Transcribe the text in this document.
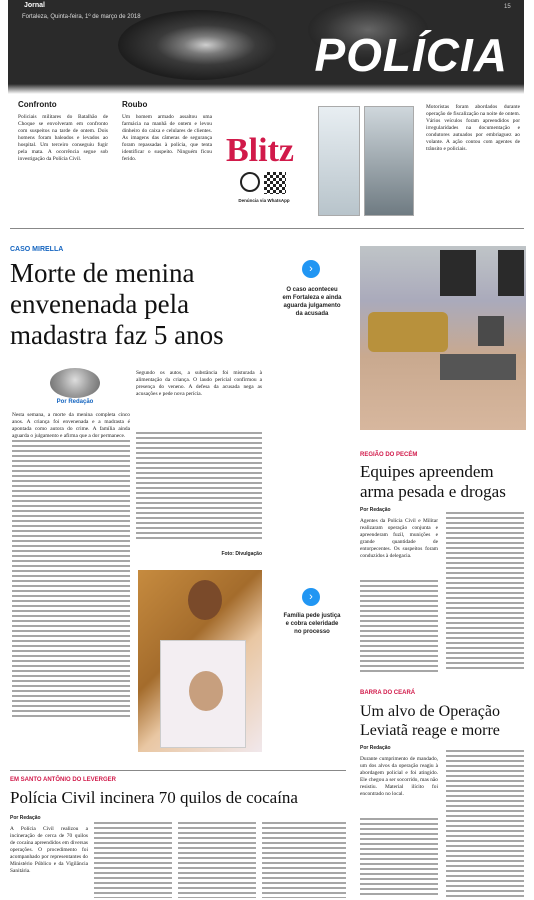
Jornal
Fortaleza, Quinta-feira, 1º de março de 2018
15
POLÍCIA
Confronto
Policiais militares do Batalhão de Choque se envolveram em confronto com suspeitos na tarde de ontem. Dois homens foram baleados e levados ao hospital. Um terceiro conseguiu fugir pela mata. A ocorrência segue sob investigação da Polícia Civil.
Roubo
Um homem armado assaltou uma farmácia na manhã de ontem e levou dinheiro do caixa e celulares de clientes. As imagens das câmeras de segurança foram repassadas à polícia, que tenta identificar o suspeito. Ninguém ficou ferido.	Blitz
Denúncia via WhatsApp
Motoristas foram abordados durante operação de fiscalização na noite de ontem. Vários veículos foram apreendidos por irregularidades na documentação e condutores autuados por embriaguez ao volante. A ação contou com agentes de trânsito e policiais.
CASO MIRELLA
Morte de menina envenenada pela madastra faz 5 anos
›
O caso aconteceu em Fortaleza e ainda aguarda julgamento da acusada
Por Redação
Nesta semana, a morte da menina completa cinco anos. A criança foi envenenada e a madrasta é apontada como autora do crime. A família ainda aguarda o julgamento e afirma que a dor permanece.
Segundo os autos, a substância foi misturada à alimentação da criança. O laudo pericial confirmou a presença do veneno. A defesa da acusada nega as acusações e pede nova perícia.
Foto: Divulgação
›
Família pede justiça e cobra celeridade no processo
REGIÃO DO PECÉM
Equipes apreendem arma pesada e drogas
Por Redação
Agentes da Polícia Civil e Militar realizaram operação conjunta e apreenderam fuzil, munições e grande quantidade de entorpecentes. Os suspeitos foram conduzidos à delegacia.
BARRA DO CEARÁ
Um alvo de Operação Leviatã reage e morre
Por Redação
Durante cumprimento de mandado, um dos alvos da operação reagiu à abordagem policial e foi atingido. Ele chegou a ser socorrido, mas não resistiu. Material ilícito foi encontrado no local.
EM SANTO ANTÔNIO DO LEVERGER
Polícia Civil incinera 70 quilos de cocaína
Por Redação
A Polícia Civil realizou a incineração de cerca de 70 quilos de cocaína apreendidos em diversas operações. O procedimento foi acompanhado por representantes do Ministério Público e da Vigilância Sanitária.
